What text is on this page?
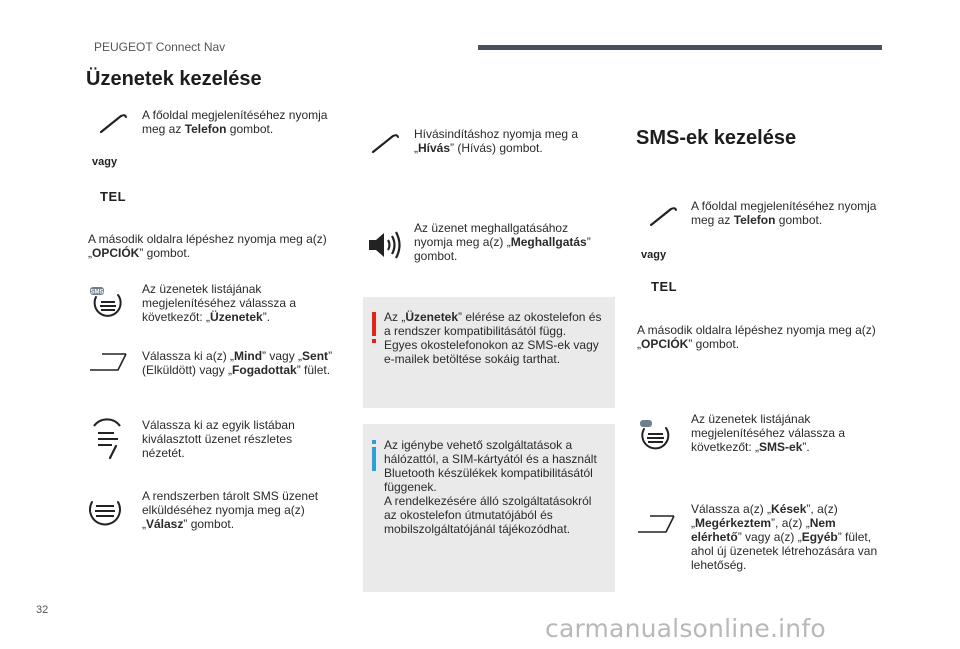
PEUGEOT Connect Nav
Üzenetek kezelése
A főoldal megjelenítéséhez nyomja
meg az Telefon gombot.
vagy
TEL
A második oldalra lépéshez nyomja meg a(z)
„OPCIÓK” gombot.
SMS	Az üzenetek listájának
megjelenítéséhez válassza a
következőt: „Üzenetek”.
Válassza ki a(z) „Mind” vagy „Sent”
(Elküldött) vagy „Fogadottak” fület.
Válassza ki az egyik listában
kiválasztott üzenet részletes
nézetét.
A rendszerben tárolt SMS üzenet
elküldéséhez nyomja meg a(z)
„Válasz” gombot.
Hívásindításhoz nyomja meg a
„Hívás” (Hívás) gombot.
Az üzenet meghallgatásához
nyomja meg a(z) „Meghallgatás”
gombot.
Az „Üzenetek” elérése az okostelefon és
a rendszer kompatibilitásától függ.
Egyes okostelefonokon az SMS-ek vagy
e-mailek betöltése sokáig tarthat.
Az igénybe vehető szolgáltatások a
hálózattól, a SIM-kártyától és a használt
Bluetooth készülékek kompatibilitásától
függenek.
A rendelkezésére álló szolgáltatásokról
az okostelefon útmutatójából és
mobilszolgáltatójánál tájékozódhat.
SMS-ek kezelése
A főoldal megjelenítéséhez nyomja
meg az Telefon gombot.
vagy
TEL
A második oldalra lépéshez nyomja meg a(z)
„OPCIÓK” gombot.
Az üzenetek listájának
megjelenítéséhez válassza a
következőt: „SMS-ek”.
Válassza a(z) „Kések”, a(z)
„Megérkeztem”, a(z) „Nem
elérhető” vagy a(z) „Egyéb” fület,
ahol új üzenetek létrehozására van
lehetőség.
32
carmanualsonline.info
